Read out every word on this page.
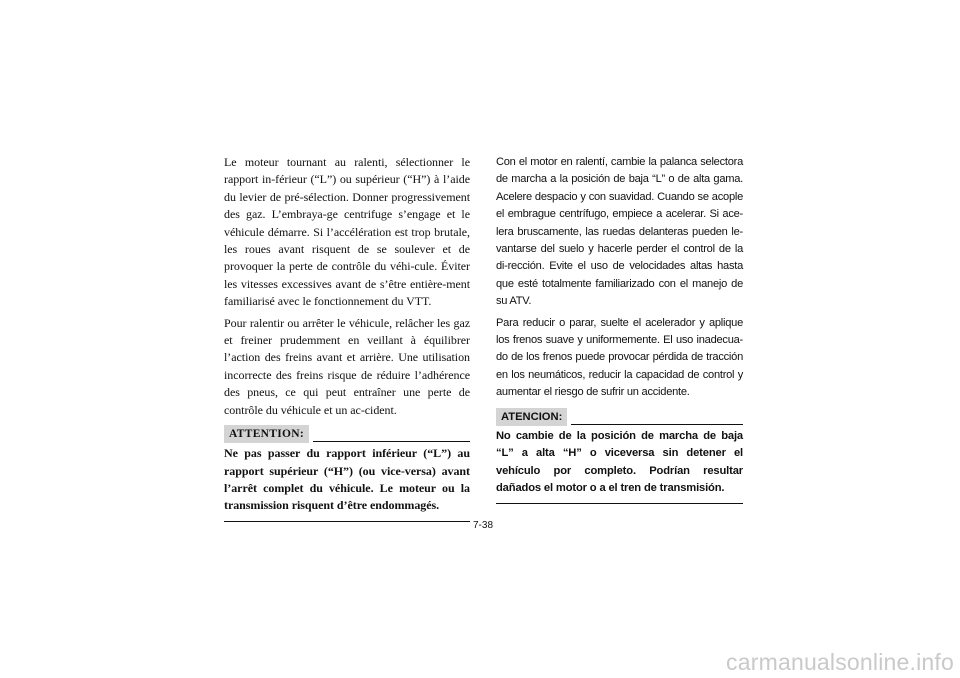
Le moteur tournant au ralenti, sélectionner le rapport in-férieur (“L”) ou supérieur (“H”) à l’aide du levier de pré-sélection. Donner progressivement des gaz. L’embraya-ge centrifuge s’engage et le véhicule démarre. Si l’accélération est trop brutale, les roues avant risquent de se soulever et de provoquer la perte de contrôle du véhi-cule. Éviter les vitesses excessives avant de s’être entière-ment familiarisé avec le fonctionnement du VTT.

Pour ralentir ou arrêter le véhicule, relâcher les gaz et freiner prudemment en veillant à équilibrer l’action des freins avant et arrière. Une utilisation incorrecte des freins risque de réduire l’adhérence des pneus, ce qui peut entraîner une perte de contrôle du véhicule et un ac-cident.

ATTENTION:

Ne pas passer du rapport inférieur (“L”) au rapport supérieur (“H”) (ou vice-versa) avant l’arrêt complet du véhicule. Le moteur ou la transmission risquent d’être endommagés.

Con el motor en ralentí, cambie la palanca selectora de marcha a la posición de baja “L” o de alta gama. Acelere despacio y con suavidad. Cuando se acople el embrague centrífugo, empiece a acelerar. Si ace-lera bruscamente, las ruedas delanteras pueden le-vantarse del suelo y hacerle perder el control de la di-rección. Evite el uso de velocidades altas hasta que esté totalmente familiarizado con el manejo de su ATV.

Para reducir o parar, suelte el acelerador y aplique los frenos suave y uniformemente. El uso inadecua-do de los frenos puede provocar pérdida de tracción en los neumáticos, reducir la capacidad de control y aumentar el riesgo de sufrir un accidente.

ATENCION:

No cambie de la posición de marcha de baja “L” a alta “H” o viceversa sin detener el vehículo por completo. Podrían resultar dañados el motor o a el tren de transmisión.

7-38
carmanualsonline.info
